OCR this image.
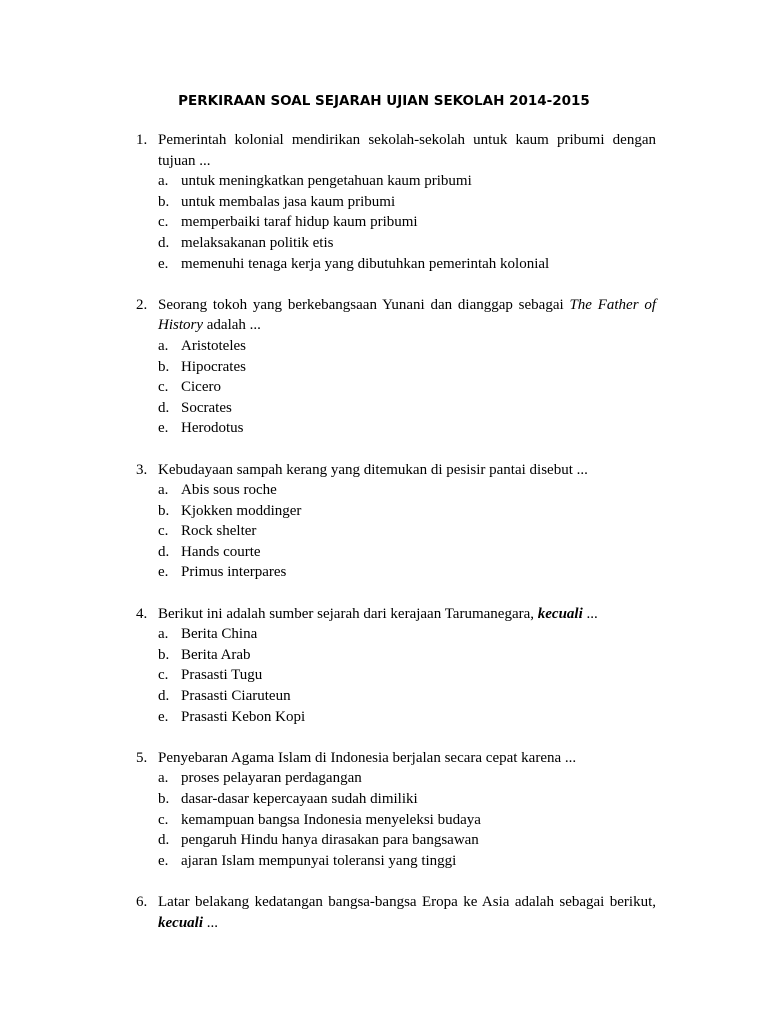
PERKIRAAN SOAL SEJARAH UJIAN SEKOLAH 2014-2015
1. Pemerintah kolonial mendirikan sekolah-sekolah untuk kaum pribumi dengan tujuan ...
a. untuk meningkatkan pengetahuan kaum pribumi
b. untuk membalas jasa kaum pribumi
c. memperbaiki taraf hidup kaum pribumi
d. melaksakanan politik etis
e. memenuhi tenaga kerja yang dibutuhkan pemerintah kolonial
2. Seorang tokoh yang berkebangsaan Yunani dan dianggap sebagai The Father of History adalah ...
a. Aristoteles
b. Hipocrates
c. Cicero
d. Socrates
e. Herodotus
3. Kebudayaan sampah kerang yang ditemukan di pesisir pantai disebut ...
a. Abis sous roche
b. Kjokken moddinger
c. Rock shelter
d. Hands courte
e. Primus interpares
4. Berikut ini adalah sumber sejarah dari kerajaan Tarumanegara, kecuali ...
a. Berita China
b. Berita Arab
c. Prasasti Tugu
d. Prasasti Ciaruteun
e. Prasasti Kebon Kopi
5. Penyebaran Agama Islam di Indonesia berjalan secara cepat karena ...
a. proses pelayaran perdagangan
b. dasar-dasar kepercayaan sudah dimiliki
c. kemampuan bangsa Indonesia menyeleksi budaya
d. pengaruh Hindu hanya dirasakan para bangsawan
e. ajaran Islam mempunyai toleransi yang tinggi
6. Latar belakang kedatangan bangsa-bangsa Eropa ke Asia adalah sebagai berikut, kecuali ...
